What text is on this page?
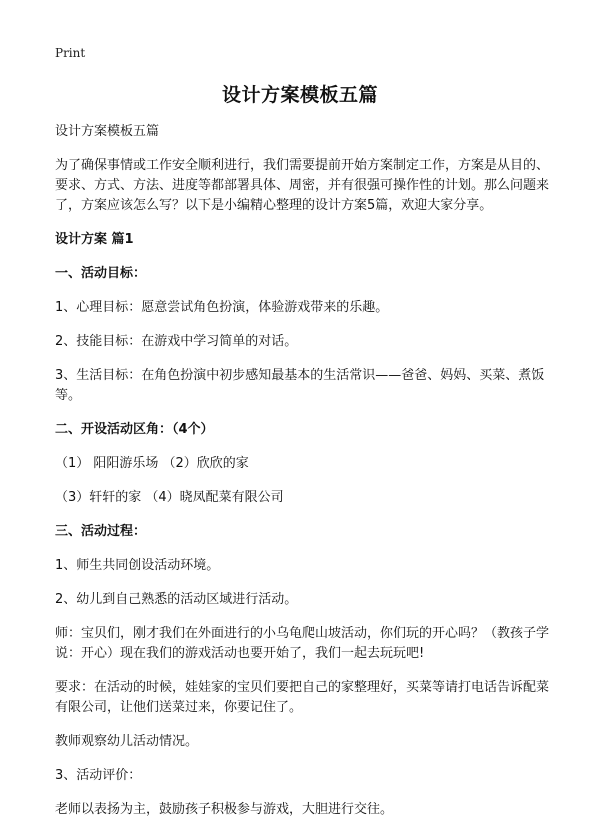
Print
设计方案模板五篇

设计方案模板五篇

为了确保事情或工作安全顺利进行，我们需要提前开始方案制定工作，方案是从目的、要求、方式、方法、进度等都部署具体、周密，并有很强可操作性的计划。那么问题来了，方案应该怎么写？以下是小编精心整理的设计方案5篇，欢迎大家分享。

设计方案 篇1

一、活动目标：

1、心理目标：愿意尝试角色扮演，体验游戏带来的乐趣。

2、技能目标：在游戏中学习简单的对话。

3、生活目标：在角色扮演中初步感知最基本的生活常识——爸爸、妈妈、买菜、煮饭等。

二、开设活动区角：（4个）

（1） 阳阳游乐场 （2）欣欣的家

（3）轩轩的家 （4）晓凤配菜有限公司

三、活动过程：

1、师生共同创设活动环境。

2、幼儿到自己熟悉的活动区域进行活动。

师：宝贝们，刚才我们在外面进行的小乌龟爬山坡活动，你们玩的开心吗？（教孩子学说：开心）现在我们的游戏活动也要开始了，我们一起去玩玩吧!

要求：在活动的时候，娃娃家的宝贝们要把自己的家整理好，买菜等请打电话告诉配菜有限公司，让他们送菜过来，你要记住了。

教师观察幼儿活动情况。

3、活动评价：

老师以表扬为主，鼓励孩子积极参与游戏，大胆进行交往。
